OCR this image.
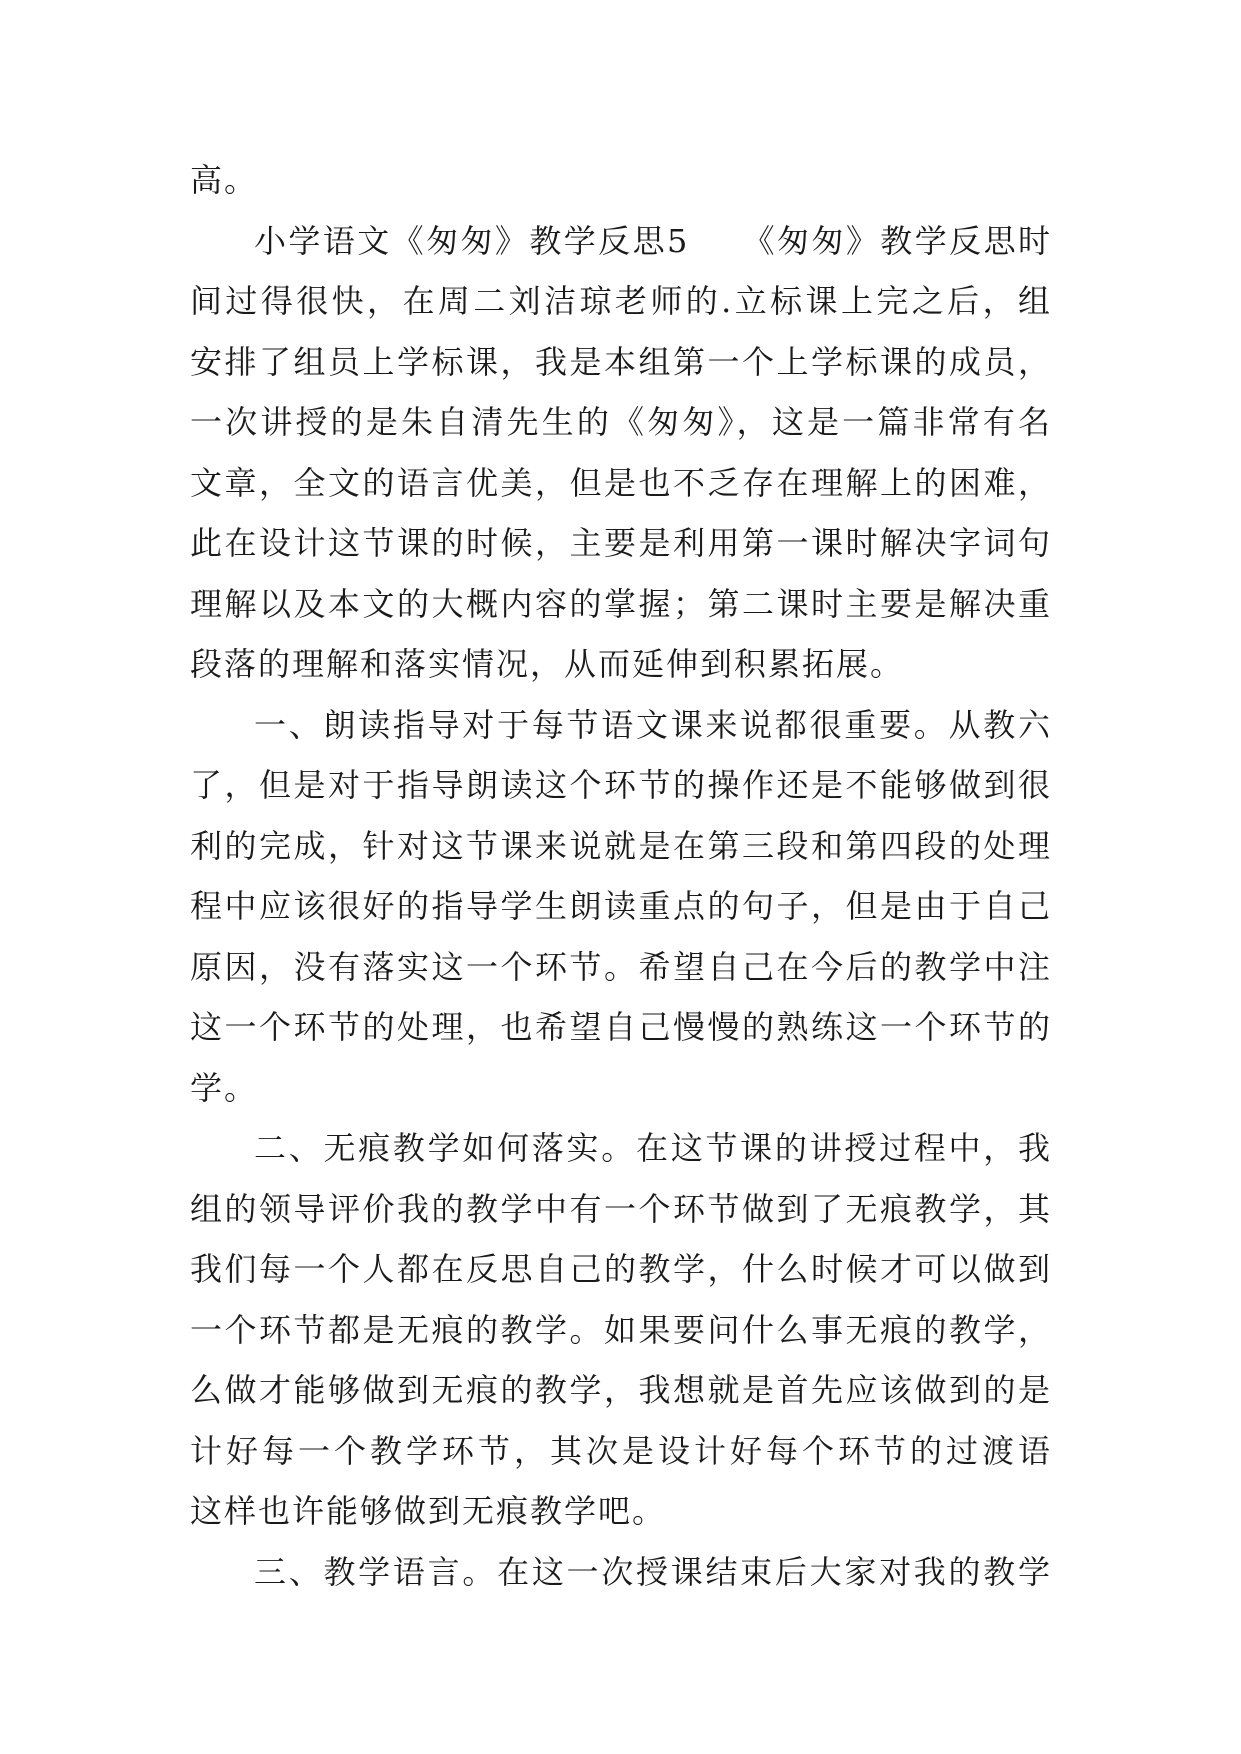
高。
小学语文《匆匆》教学反思5　　《匆匆》教学反思时
间过得很快，在周二刘洁琼老师的.立标课上完之后，组
安排了组员上学标课，我是本组第一个上学标课的成员，
一次讲授的是朱自清先生的《匆匆》，这是一篇非常有名
文章，全文的语言优美，但是也不乏存在理解上的困难，
此在设计这节课的时候，主要是利用第一课时解决字词句
理解以及本文的大概内容的掌握；第二课时主要是解决重
段落的理解和落实情况，从而延伸到积累拓展。
一、朗读指导对于每节语文课来说都很重要。从教六
了，但是对于指导朗读这个环节的操作还是不能够做到很
利的完成，针对这节课来说就是在第三段和第四段的处理
程中应该很好的指导学生朗读重点的句子，但是由于自己
原因，没有落实这一个环节。希望自己在今后的教学中注
这一个环节的处理，也希望自己慢慢的熟练这一个环节的
学。
二、无痕教学如何落实。在这节课的讲授过程中，我
组的领导评价我的教学中有一个环节做到了无痕教学，其
我们每一个人都在反思自己的教学，什么时候才可以做到
一个环节都是无痕的教学。如果要问什么事无痕的教学，
么做才能够做到无痕的教学，我想就是首先应该做到的是
计好每一个教学环节，其次是设计好每个环节的过渡语
这样也许能够做到无痕教学吧。
三、教学语言。在这一次授课结束后大家对我的教学
